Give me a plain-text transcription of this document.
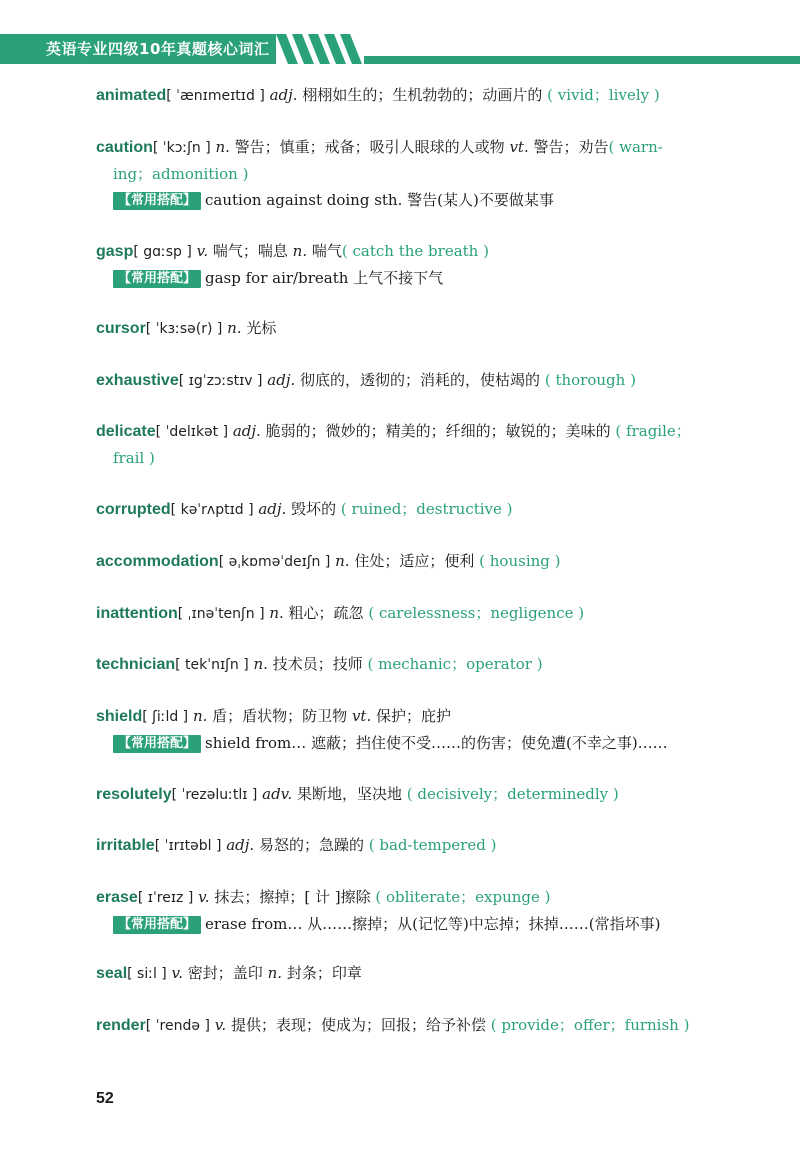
英语专业四级10年真题核心词汇
animated[ ˈænɪmeɪtɪd ] adj. 栩栩如生的；生机勃勃的；动画片的 ( vivid；lively )
caution[ ˈkɔːʃn ] n. 警告；慎重；戒备；吸引人眼球的人或物 vt. 警告；劝告( warn-
ing；admonition )
【常用搭配】 caution against doing sth. 警告(某人)不要做某事
gasp[ gɑːsp ] v. 喘气；喘息 n. 喘气( catch the breath )
【常用搭配】 gasp for air/breath 上气不接下气
cursor[ ˈkɜːsə(r) ] n. 光标
exhaustive[ ɪgˈzɔːstɪv ] adj. 彻底的，透彻的；消耗的，使枯竭的 ( thorough )
delicate[ ˈdelɪkət ] adj. 脆弱的；微妙的；精美的；纤细的；敏锐的；美味的 ( fragile；
frail )
corrupted[ kəˈrʌptɪd ] adj. 毁坏的 ( ruined；destructive )
accommodation[ əˌkɒməˈdeɪʃn ] n. 住处；适应；便利 ( housing )
inattention[ ˌɪnəˈtenʃn ] n. 粗心；疏忽 ( carelessness；negligence )
technician[ tekˈnɪʃn ] n. 技术员；技师 ( mechanic；operator )
shield[ ʃiːld ] n. 盾；盾状物；防卫物 vt. 保护；庇护
【常用搭配】 shield from… 遮蔽；挡住使不受……的伤害；使免遭(不幸之事)……
resolutely[ ˈrezəluːtlɪ ] adv. 果断地，坚决地 ( decisively；determinedly )
irritable[ ˈɪrɪtəbl ] adj. 易怒的；急躁的 ( bad-tempered )
erase[ ɪˈreɪz ] v. 抹去；擦掉；[ 计 ]擦除 ( obliterate；expunge )
【常用搭配】 erase from… 从……擦掉；从(记忆等)中忘掉；抹掉……(常指坏事)
seal[ siːl ] v. 密封；盖印 n. 封条；印章
render[ ˈrendə ] v. 提供；表现；使成为；回报；给予补偿 ( provide；offer；furnish )
52
